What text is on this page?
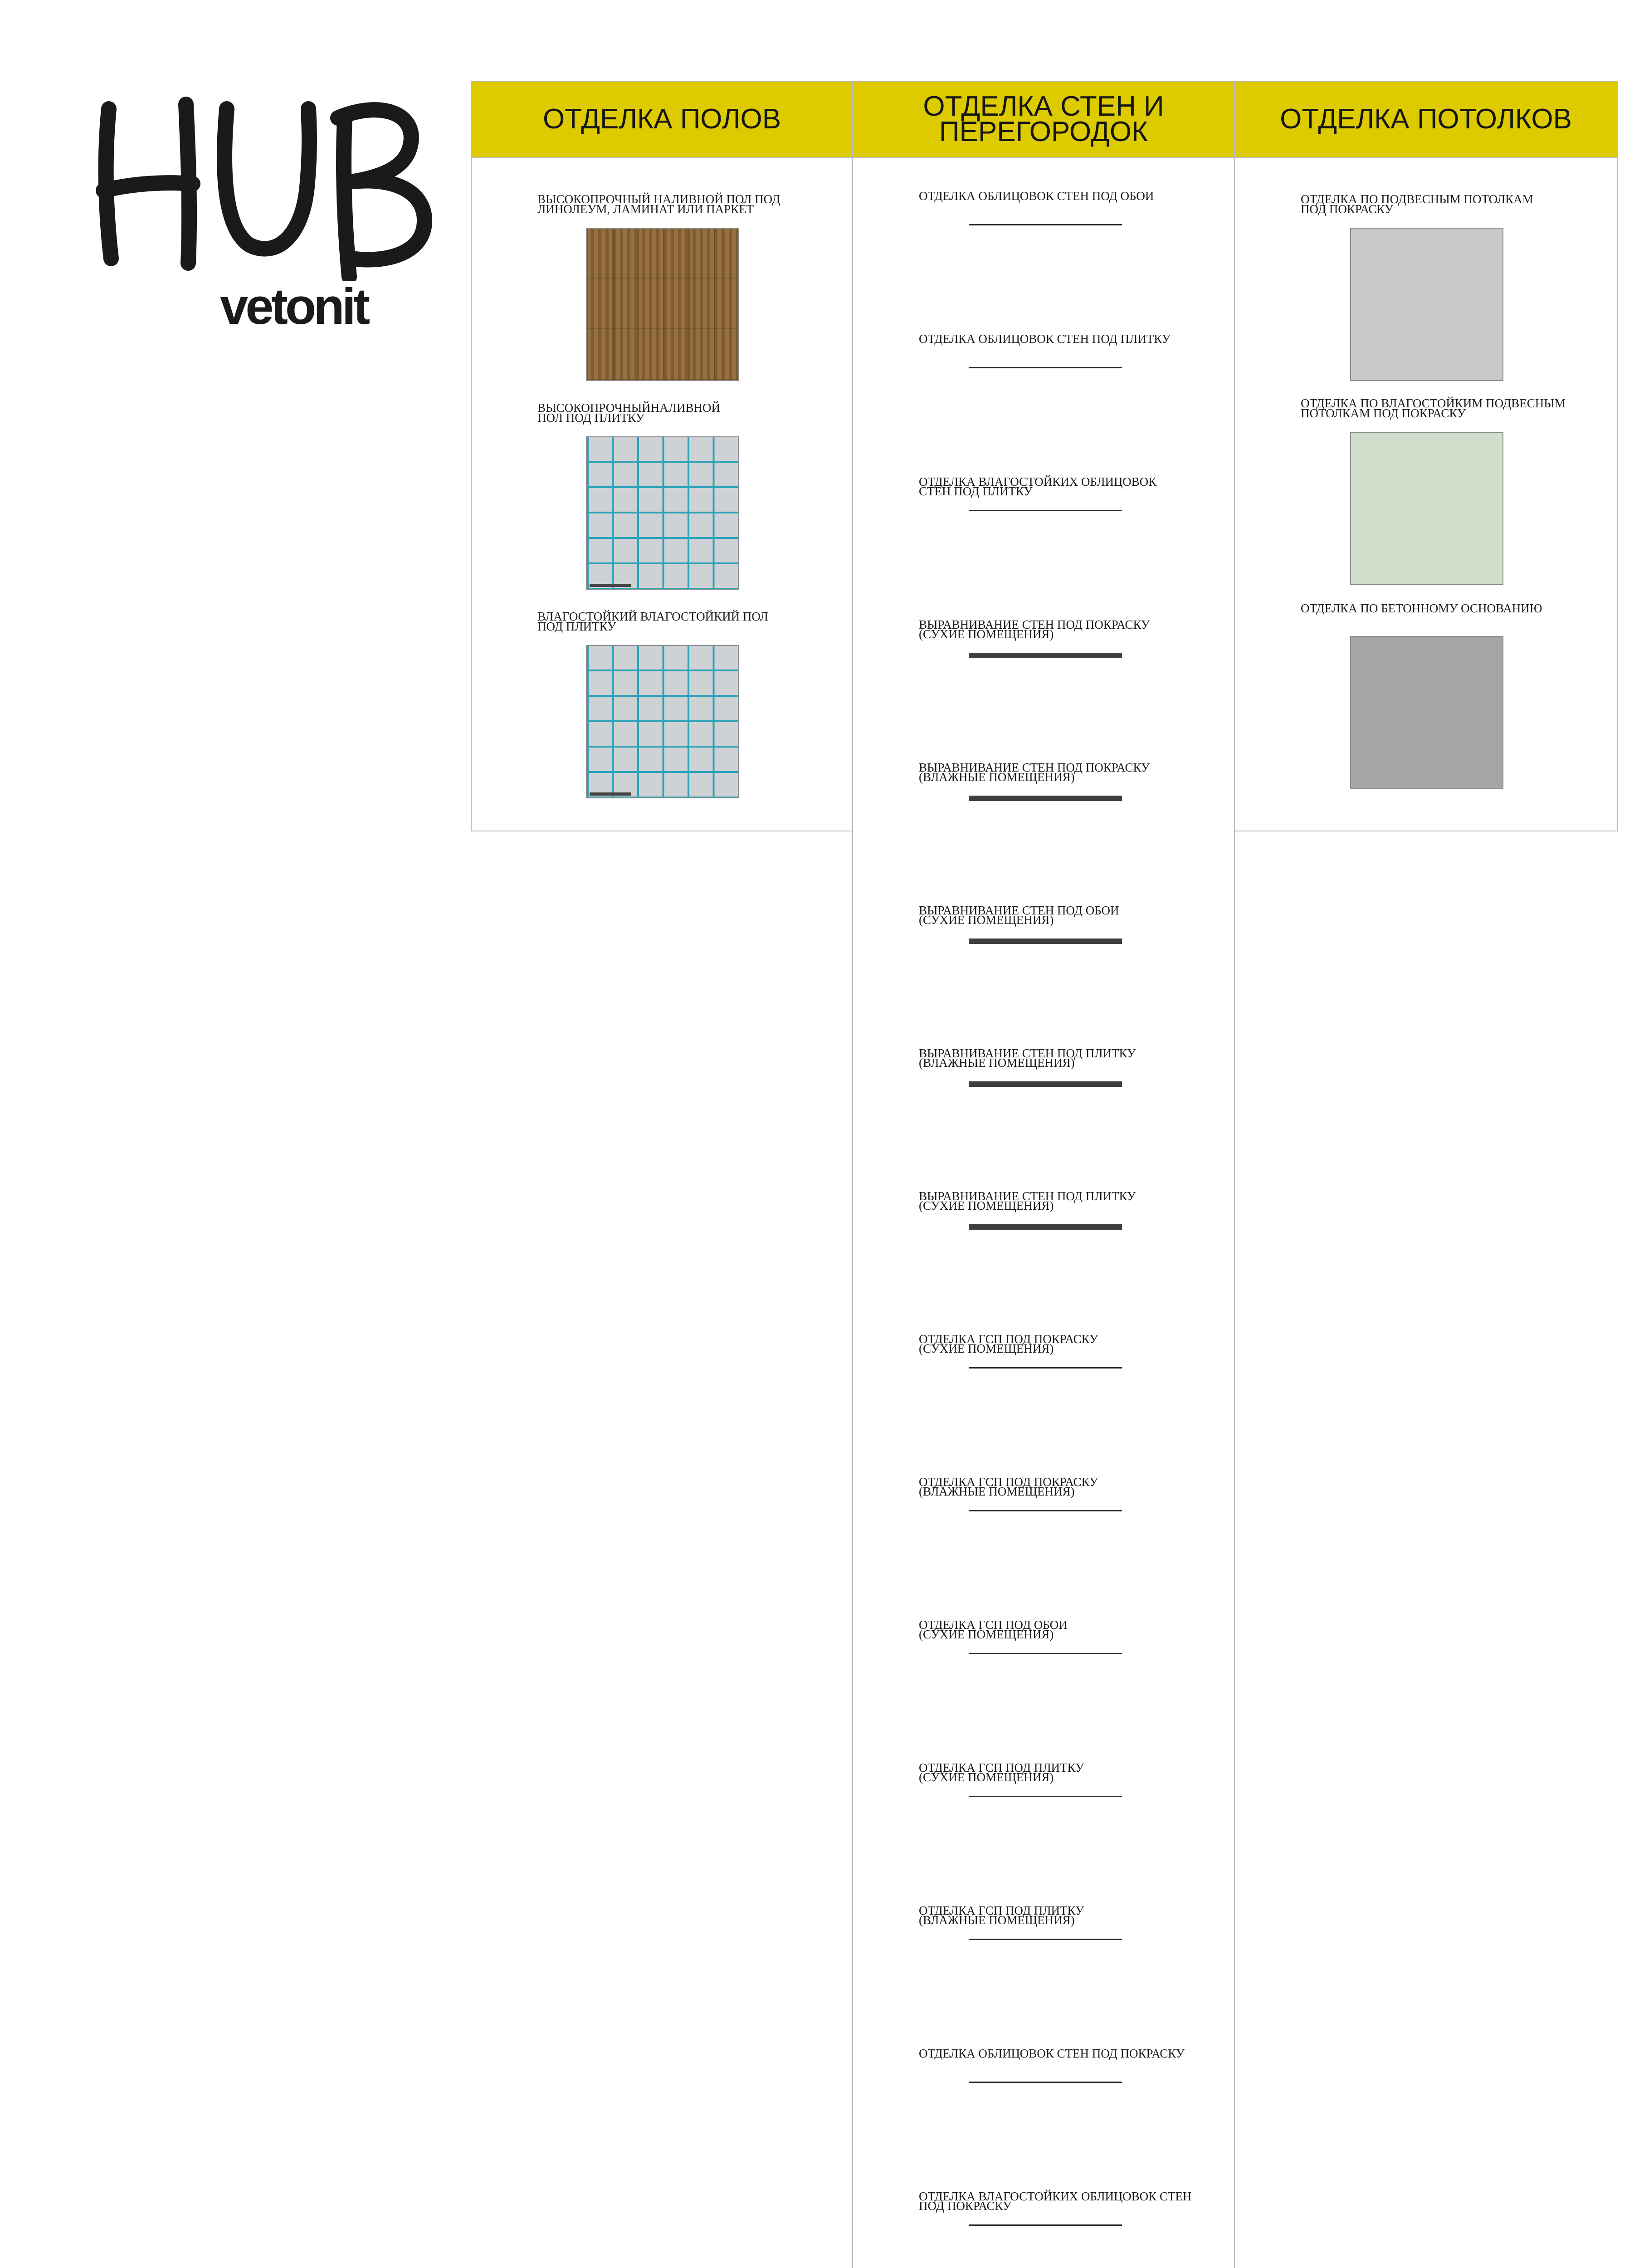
vetonit
ОТДЕЛКА ПОЛОВ
ВЫСОКОПРОЧНЫЙ НАЛИВНОЙ ПОЛ ПОД
ЛИНОЛЕУМ, ЛАМИНАТ ИЛИ ПАРКЕТ
ВЫСОКОПРОЧНЫЙНАЛИВНОЙ
ПОЛ ПОД ПЛИТКУ
ВЛАГОСТОЙКИЙ ВЛАГОСТОЙКИЙ ПОЛ
ПОД ПЛИТКУ
ОТДЕЛКА СТЕН И
ПЕРЕГОРОДОК
ОТДЕЛКА ОБЛИЦОВОК СТЕН ПОД ОБОИ
ОТДЕЛКА ОБЛИЦОВОК СТЕН ПОД ПЛИТКУ
ОТДЕЛКА ВЛАГОСТОЙКИХ ОБЛИЦОВОК
СТЕН ПОД ПЛИТКУ
ВЫРАВНИВАНИЕ СТЕН ПОД ПОКРАСКУ
(СУХИЕ ПОМЕЩЕНИЯ)
ВЫРАВНИВАНИЕ СТЕН ПОД ПОКРАСКУ
(ВЛАЖНЫЕ ПОМЕЩЕНИЯ)
ВЫРАВНИВАНИЕ СТЕН ПОД ОБОИ
(СУХИЕ ПОМЕЩЕНИЯ)
ВЫРАВНИВАНИЕ СТЕН ПОД ПЛИТКУ
(ВЛАЖНЫЕ ПОМЕЩЕНИЯ)
ВЫРАВНИВАНИЕ СТЕН ПОД ПЛИТКУ
(СУХИЕ ПОМЕЩЕНИЯ)
ОТДЕЛКА ГСП ПОД ПОКРАСКУ
(СУХИЕ ПОМЕЩЕНИЯ)
ОТДЕЛКА ГСП ПОД ПОКРАСКУ
(ВЛАЖНЫЕ ПОМЕЩЕНИЯ)
ОТДЕЛКА ГСП ПОД ОБОИ
(СУХИЕ ПОМЕЩЕНИЯ)
ОТДЕЛКА ГСП ПОД ПЛИТКУ
(СУХИЕ ПОМЕЩЕНИЯ)
ОТДЕЛКА ГСП ПОД ПЛИТКУ
(ВЛАЖНЫЕ ПОМЕЩЕНИЯ)
ОТДЕЛКА ОБЛИЦОВОК СТЕН ПОД ПОКРАСКУ
ОТДЕЛКА ВЛАГОСТОЙКИХ ОБЛИЦОВОК СТЕН
ПОД ПОКРАСКУ
ОТДЕЛКА ПОТОЛКОВ
ОТДЕЛКА ПО ПОДВЕСНЫМ ПОТОЛКАМ
ПОД ПОКРАСКУ
ОТДЕЛКА ПО ВЛАГОСТОЙКИМ ПОДВЕСНЫМ
ПОТОЛКАМ ПОД ПОКРАСКУ
ОТДЕЛКА ПО БЕТОННОМУ ОСНОВАНИЮ
